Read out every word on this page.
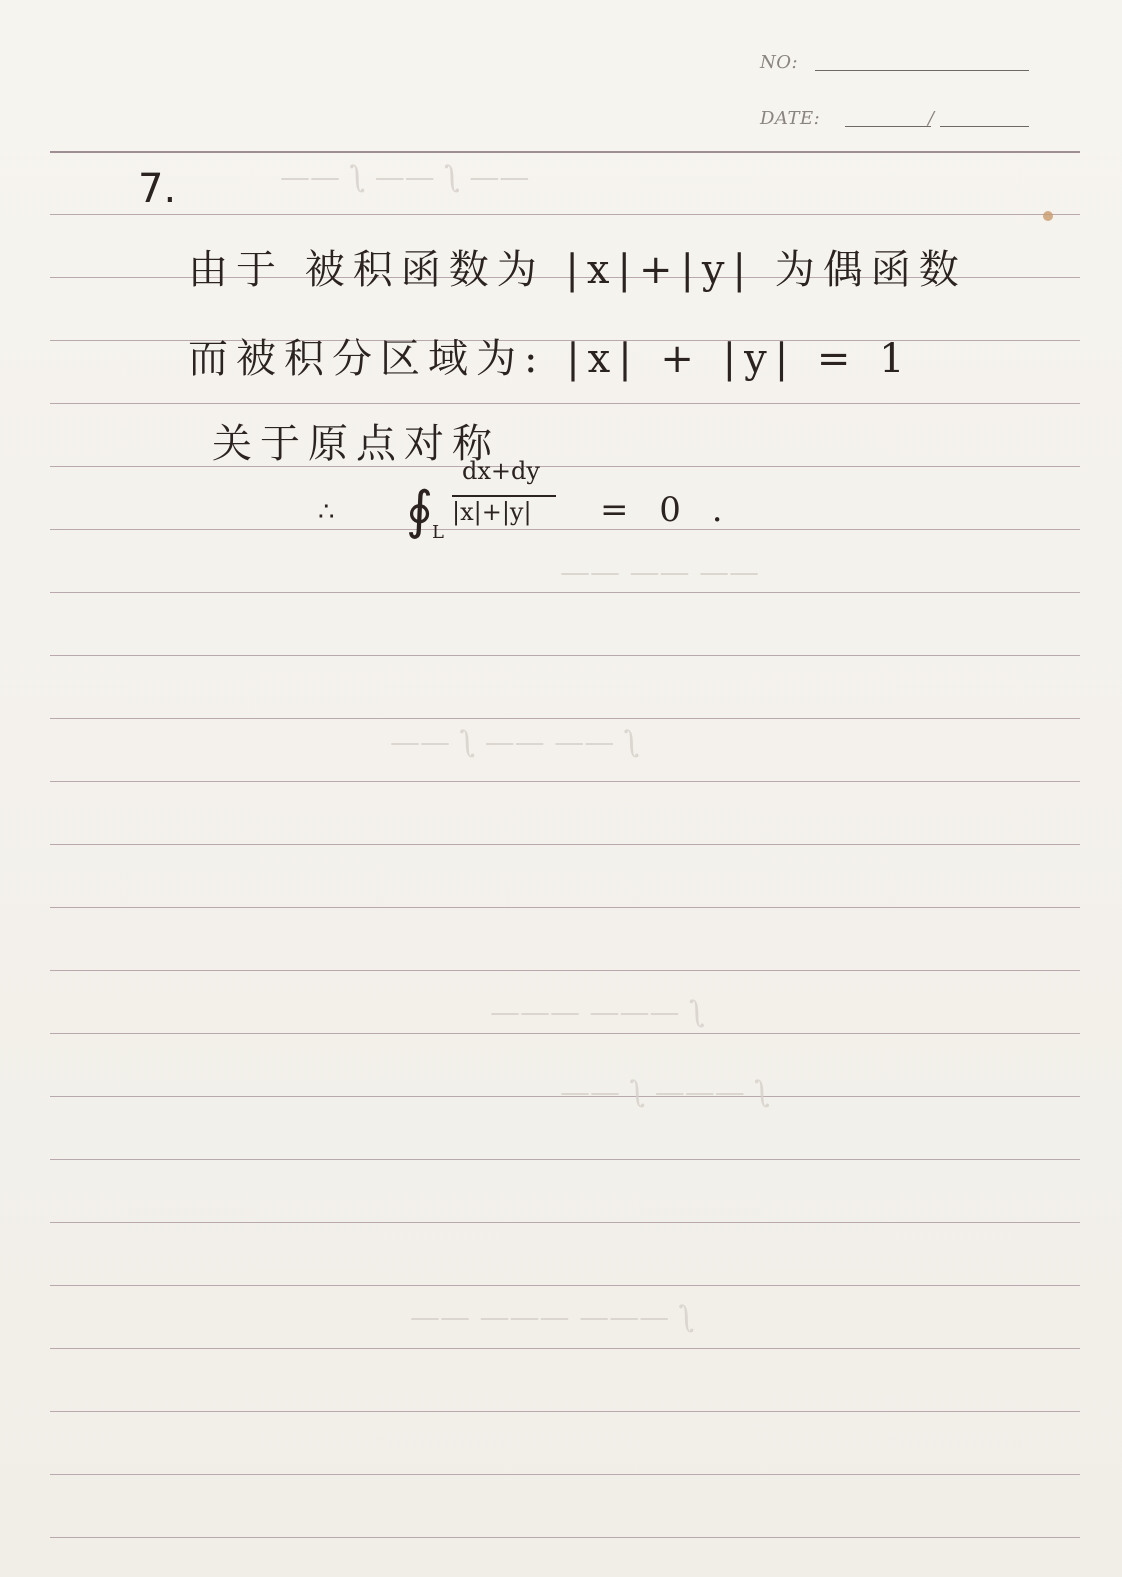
NO:
DATE:	/
—— ∫ —— ∫ ——
—— —— ——
∫ —— —— ∫ ——
∫ ——— ———
∫ ——— ∫ ——
∫ ——— ——— ——
7.
由于 被积函数为 |x|+|y| 为偶函数
而被积分区域为: |x| + |y| = 1
关于原点对称
∴ ∮
L
dx+dy
|x|+|y| = 0 .
